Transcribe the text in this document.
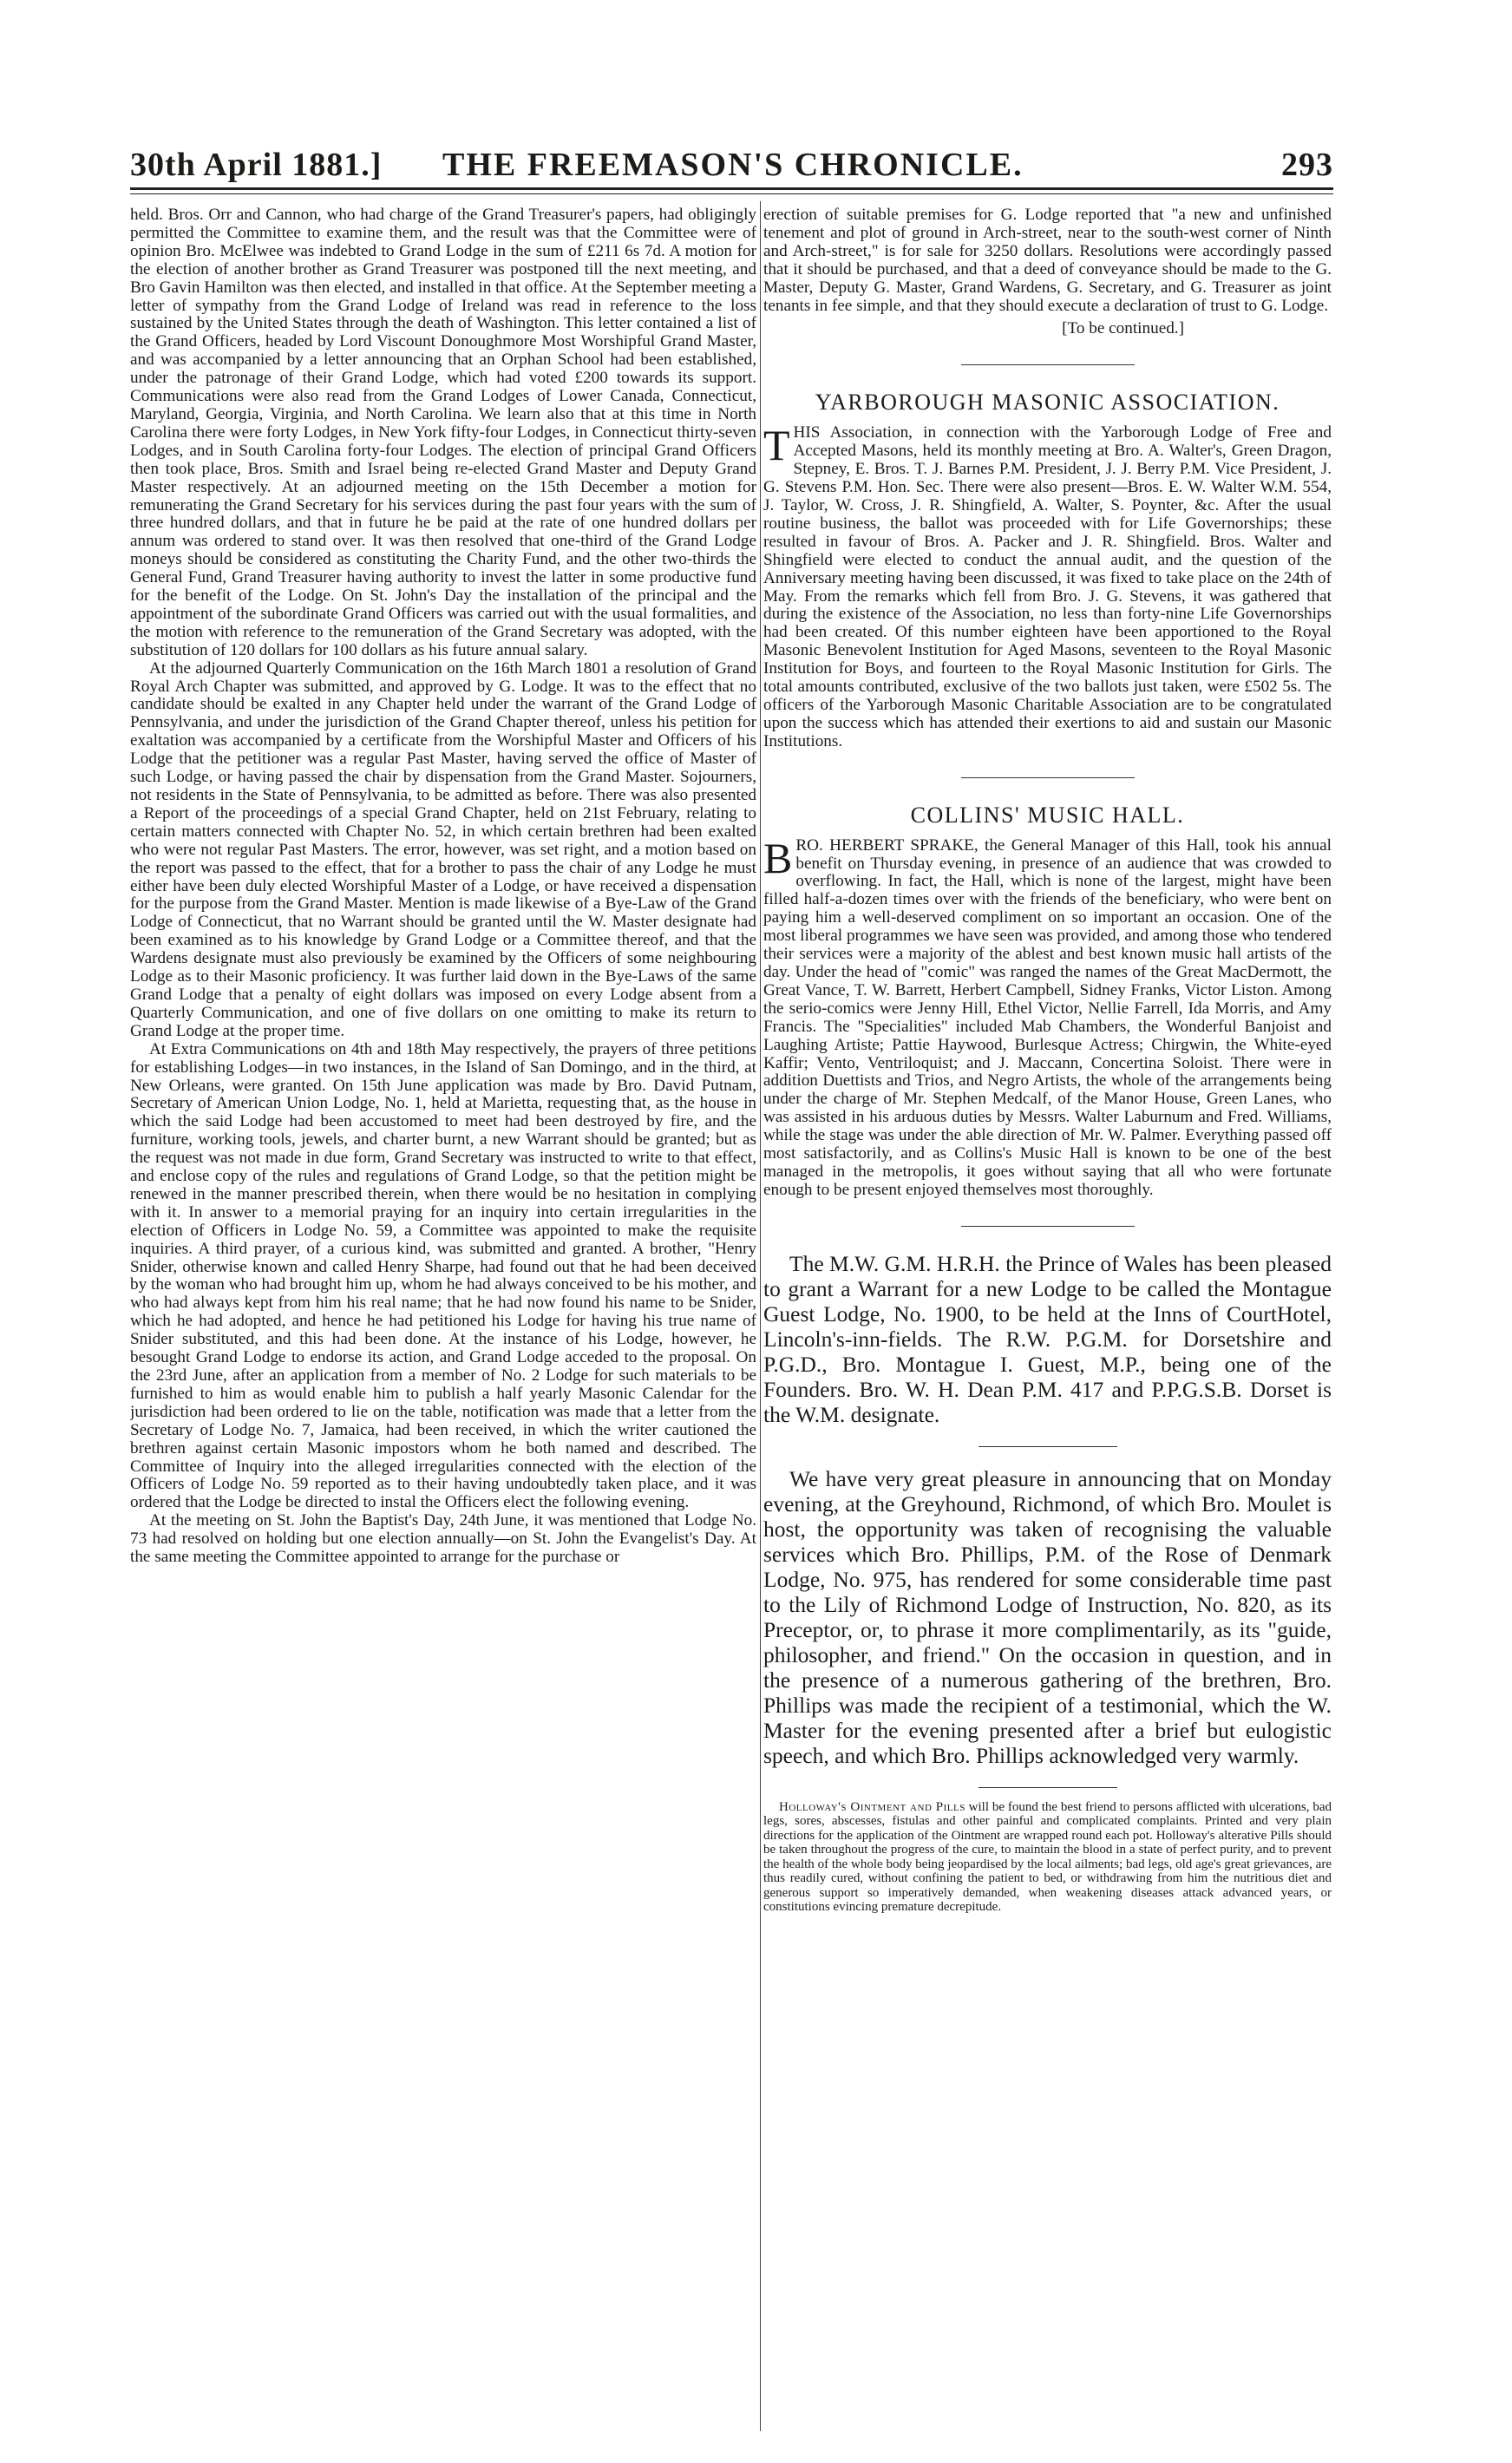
30th April 1881.] THE FREEMASON'S CHRONICLE.	293

held. Bros. Orr and Cannon, who had charge of the Grand Treasurer's papers, had obligingly permitted the Committee to examine them, and the result was that the Committee were of opinion Bro. McElwee was indebted to Grand Lodge in the sum of £211 6s 7d. A motion for the election of another brother as Grand Treasurer was postponed till the next meeting, and Bro Gavin Hamilton was then elected, and installed in that office. At the September meeting a letter of sympathy from the Grand Lodge of Ireland was read in reference to the loss sustained by the United States through the death of Washington. This letter contained a list of the Grand Officers, headed by Lord Viscount Donoughmore Most Worshipful Grand Master, and was accompanied by a letter announcing that an Orphan School had been established, under the patronage of their Grand Lodge, which had voted £200 towards its support. Communications were also read from the Grand Lodges of Lower Canada, Connecticut, Maryland, Georgia, Virginia, and North Carolina. We learn also that at this time in North Carolina there were forty Lodges, in New York fifty-four Lodges, in Connecticut thirty-seven Lodges, and in South Carolina forty-four Lodges. The election of principal Grand Officers then took place, Bros. Smith and Israel being re-elected Grand Master and Deputy Grand Master respectively. At an adjourned meeting on the 15th December a motion for remunerating the Grand Secretary for his services during the past four years with the sum of three hundred dollars, and that in future he be paid at the rate of one hundred dollars per annum was ordered to stand over. It was then resolved that one-third of the Grand Lodge moneys should be considered as constituting the Charity Fund, and the other two-thirds the General Fund, Grand Treasurer having authority to invest the latter in some productive fund for the benefit of the Lodge. On St. John's Day the installation of the principal and the appointment of the subordinate Grand Officers was carried out with the usual formalities, and the motion with reference to the remuneration of the Grand Secretary was adopted, with the substitution of 120 dollars for 100 dollars as his future annual salary.

At the adjourned Quarterly Communication on the 16th March 1801 a resolution of Grand Royal Arch Chapter was submitted, and approved by G. Lodge. It was to the effect that no candidate should be exalted in any Chapter held under the warrant of the Grand Lodge of Pennsylvania, and under the jurisdiction of the Grand Chapter thereof, unless his petition for exaltation was accompanied by a certificate from the Worshipful Master and Officers of his Lodge that the petitioner was a regular Past Master, having served the office of Master of such Lodge, or having passed the chair by dispensation from the Grand Master. Sojourners, not residents in the State of Pennsylvania, to be admitted as before. There was also presented a Report of the proceedings of a special Grand Chapter, held on 21st February, relating to certain matters connected with Chapter No. 52, in which certain brethren had been exalted who were not regular Past Masters. The error, however, was set right, and a motion based on the report was passed to the effect, that for a brother to pass the chair of any Lodge he must either have been duly elected Worshipful Master of a Lodge, or have received a dispensation for the purpose from the Grand Master. Mention is made likewise of a Bye-Law of the Grand Lodge of Connecticut, that no Warrant should be granted until the W. Master designate had been examined as to his knowledge by Grand Lodge or a Committee thereof, and that the Wardens designate must also previously be examined by the Officers of some neighbouring Lodge as to their Masonic proficiency. It was further laid down in the Bye-Laws of the same Grand Lodge that a penalty of eight dollars was imposed on every Lodge absent from a Quarterly Communication, and one of five dollars on one omitting to make its return to Grand Lodge at the proper time.

At Extra Communications on 4th and 18th May respectively, the prayers of three petitions for establishing Lodges—in two instances, in the Island of San Domingo, and in the third, at New Orleans, were granted. On 15th June application was made by Bro. David Putnam, Secretary of American Union Lodge, No. 1, held at Marietta, requesting that, as the house in which the said Lodge had been accustomed to meet had been destroyed by fire, and the furniture, working tools, jewels, and charter burnt, a new Warrant should be granted; but as the request was not made in due form, Grand Secretary was instructed to write to that effect, and enclose copy of the rules and regulations of Grand Lodge, so that the petition might be renewed in the manner prescribed therein, when there would be no hesitation in complying with it. In answer to a memorial praying for an inquiry into certain irregularities in the election of Officers in Lodge No. 59, a Committee was appointed to make the requisite inquiries. A third prayer, of a curious kind, was submitted and granted. A brother, "Henry Snider, otherwise known and called Henry Sharpe, had found out that he had been deceived by the woman who had brought him up, whom he had always conceived to be his mother, and who had always kept from him his real name; that he had now found his name to be Snider, which he had adopted, and hence he had petitioned his Lodge for having his true name of Snider substituted, and this had been done. At the instance of his Lodge, however, he besought Grand Lodge to endorse its action, and Grand Lodge acceded to the proposal. On the 23rd June, after an application from a member of No. 2 Lodge for such materials to be furnished to him as would enable him to publish a half yearly Masonic Calendar for the jurisdiction had been ordered to lie on the table, notification was made that a letter from the Secretary of Lodge No. 7, Jamaica, had been received, in which the writer cautioned the brethren against certain Masonic impostors whom he both named and described. The Committee of Inquiry into the alleged irregularities connected with the election of the Officers of Lodge No. 59 reported as to their having undoubtedly taken place, and it was ordered that the Lodge be directed to instal the Officers elect the following evening.

At the meeting on St. John the Baptist's Day, 24th June, it was mentioned that Lodge No. 73 had resolved on holding but one election annually—on St. John the Evangelist's Day. At the same meeting the Committee appointed to arrange for the purchase or

erection of suitable premises for G. Lodge reported that "a new and unfinished tenement and plot of ground in Arch-street, near to the south-west corner of Ninth and Arch-street," is for sale for 3250 dollars. Resolutions were accordingly passed that it should be purchased, and that a deed of conveyance should be made to the G. Master, Deputy G. Master, Grand Wardens, G. Secretary, and G. Treasurer as joint tenants in fee simple, and that they should execute a declaration of trust to G. Lodge.

[To be continued.]

YARBOROUGH MASONIC ASSOCIATION.

THIS Association, in connection with the Yarborough Lodge of Free and Accepted Masons, held its monthly meeting at Bro. A. Walter's, Green Dragon, Stepney, E. Bros. T. J. Barnes P.M. President, J. J. Berry P.M. Vice President, J. G. Stevens P.M. Hon. Sec. There were also present—Bros. E. W. Walter W.M. 554, J. Taylor, W. Cross, J. R. Shingfield, A. Walter, S. Poynter, &c. After the usual routine business, the ballot was proceeded with for Life Governorships; these resulted in favour of Bros. A. Packer and J. R. Shingfield. Bros. Walter and Shingfield were elected to conduct the annual audit, and the question of the Anniversary meeting having been discussed, it was fixed to take place on the 24th of May. From the remarks which fell from Bro. J. G. Stevens, it was gathered that during the existence of the Association, no less than forty-nine Life Governorships had been created. Of this number eighteen have been apportioned to the Royal Masonic Benevolent Institution for Aged Masons, seventeen to the Royal Masonic Institution for Boys, and fourteen to the Royal Masonic Institution for Girls. The total amounts contributed, exclusive of the two ballots just taken, were £502 5s. The officers of the Yarborough Masonic Charitable Association are to be congratulated upon the success which has attended their exertions to aid and sustain our Masonic Institutions.

COLLINS' MUSIC HALL.

BRO. HERBERT SPRAKE, the General Manager of this Hall, took his annual benefit on Thursday evening, in presence of an audience that was crowded to overflowing. In fact, the Hall, which is none of the largest, might have been filled half-a-dozen times over with the friends of the beneficiary, who were bent on paying him a well-deserved compliment on so important an occasion. One of the most liberal programmes we have seen was provided, and among those who tendered their services were a majority of the ablest and best known music hall artists of the day. Under the head of "comic" was ranged the names of the Great MacDermott, the Great Vance, T. W. Barrett, Herbert Campbell, Sidney Franks, Victor Liston. Among the serio-comics were Jenny Hill, Ethel Victor, Nellie Farrell, Ida Morris, and Amy Francis. The "Specialities" included Mab Chambers, the Wonderful Banjoist and Laughing Artiste; Pattie Haywood, Burlesque Actress; Chirgwin, the White-eyed Kaffir; Vento, Ventriloquist; and J. Maccann, Concertina Soloist. There were in addition Duettists and Trios, and Negro Artists, the whole of the arrangements being under the charge of Mr. Stephen Medcalf, of the Manor House, Green Lanes, who was assisted in his arduous duties by Messrs. Walter Laburnum and Fred. Williams, while the stage was under the able direction of Mr. W. Palmer. Everything passed off most satisfactorily, and as Collins's Music Hall is known to be one of the best managed in the metropolis, it goes without saying that all who were fortunate enough to be present enjoyed themselves most thoroughly.

The M.W. G.M. H.R.H. the Prince of Wales has been pleased to grant a Warrant for a new Lodge to be called the Montague Guest Lodge, No. 1900, to be held at the Inns of CourtHotel, Lincoln's-inn-fields. The R.W. P.G.M. for Dorsetshire and P.G.D., Bro. Montague I. Guest, M.P., being one of the Founders. Bro. W. H. Dean P.M. 417 and P.P.G.S.B. Dorset is the W.M. designate.

We have very great pleasure in announcing that on Monday evening, at the Greyhound, Richmond, of which Bro. Moulet is host, the opportunity was taken of recognising the valuable services which Bro. Phillips, P.M. of the Rose of Denmark Lodge, No. 975, has rendered for some considerable time past to the Lily of Richmond Lodge of Instruction, No. 820, as its Preceptor, or, to phrase it more complimentarily, as its "guide, philosopher, and friend." On the occasion in question, and in the presence of a numerous gathering of the brethren, Bro. Phillips was made the recipient of a testimonial, which the W. Master for the evening presented after a brief but eulogistic speech, and which Bro. Phillips acknowledged very warmly.

Holloway's Ointment and Pills will be found the best friend to persons afflicted with ulcerations, bad legs, sores, abscesses, fistulas and other painful and complicated complaints. Printed and very plain directions for the application of the Ointment are wrapped round each pot. Holloway's alterative Pills should be taken throughout the progress of the cure, to maintain the blood in a state of perfect purity, and to prevent the health of the whole body being jeopardised by the local ailments; bad legs, old age's great grievances, are thus readily cured, without confining the patient to bed, or withdrawing from him the nutritious diet and generous support so imperatively demanded, when weakening diseases attack advanced years, or constitutions evincing premature decrepitude.
